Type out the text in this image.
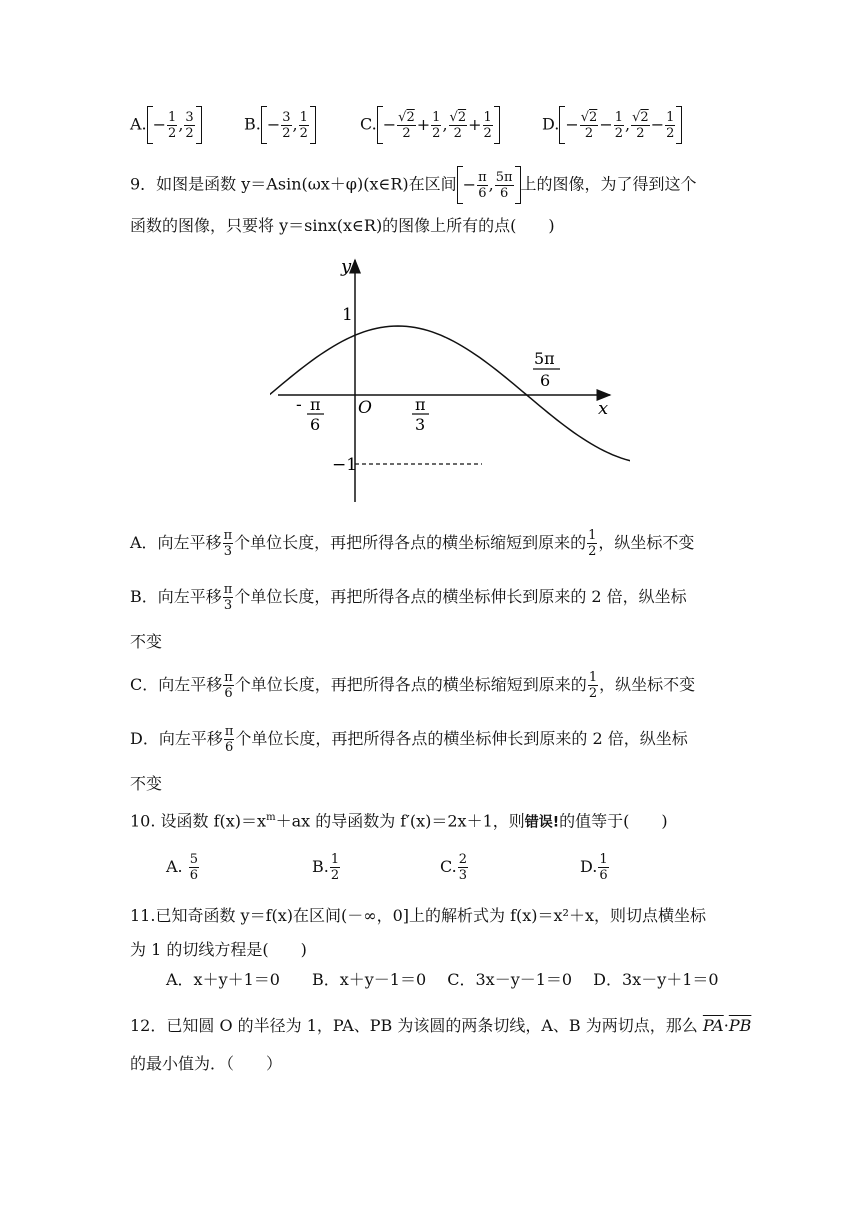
A. − $\frac{1}{2}$ , $\frac{3}{2}$	B. − $\frac{3}{2}$ , $\frac{1}{2}$	C. − $\frac{√2}{2} + \frac{1}{2}$ , $\frac{√2}{2} + \frac{1}{2}$	D. − $\frac{√2}{2} - \frac{1}{2}$ , $\frac{√2}{2} - \frac{1}{2}$
9．如图是函数 y＝Asin(ωx＋φ)(x∈R)在区间 − $\frac{\pi}{6}$ , $\frac{5\pi}{6}$ 上的图像，为了得到这个
函数的图像，只要将 y＝sinx(x∈R)的图像上所有的点(　　)
y
x
O
1
−1
- π
6
π
3
5π
6
A．向左平移 $\frac{\pi}{3}$ 个单位长度，再把所得各点的横坐标缩短到原来的 $\frac{1}{2}$ ，纵坐标不变
B．向左平移 $\frac{\pi}{3}$ 个单位长度，再把所得各点的横坐标伸长到原来的 2 倍，纵坐标
不变
C．向左平移 $\frac{\pi}{6}$ 个单位长度，再把所得各点的横坐标缩短到原来的 $\frac{1}{2}$ ，纵坐标不变
D．向左平移 $\frac{\pi}{6}$ 个单位长度，再把所得各点的横坐标伸长到原来的 2 倍，纵坐标
不变
10. 设函数 $f(x)=x^m+ax$ 的导函数为 f′(x)＝2x＋1，则错误!的值等于(　　)
A. $\frac{5}{6}$	B. $\frac{1}{2}$	C. $\frac{2}{3}$	D. $\frac{1}{6}$
11.已知奇函数 y＝f(x)在区间(－∞，0]上的解析式为 f(x)＝x²＋x，则切点横坐标
为 1 的切线方程是(　　)
A．x＋y＋1＝0　　B．x＋y－1＝0　 C．3x－y－1＝0　 D．3x－y＋1＝0
12．已知圆 O 的半径为 1，PA、PB 为该圆的两条切线，A、B 为两切点，那么 $\overline{PA}\cdot\overline{PB}$
的最小值为．（　　）
